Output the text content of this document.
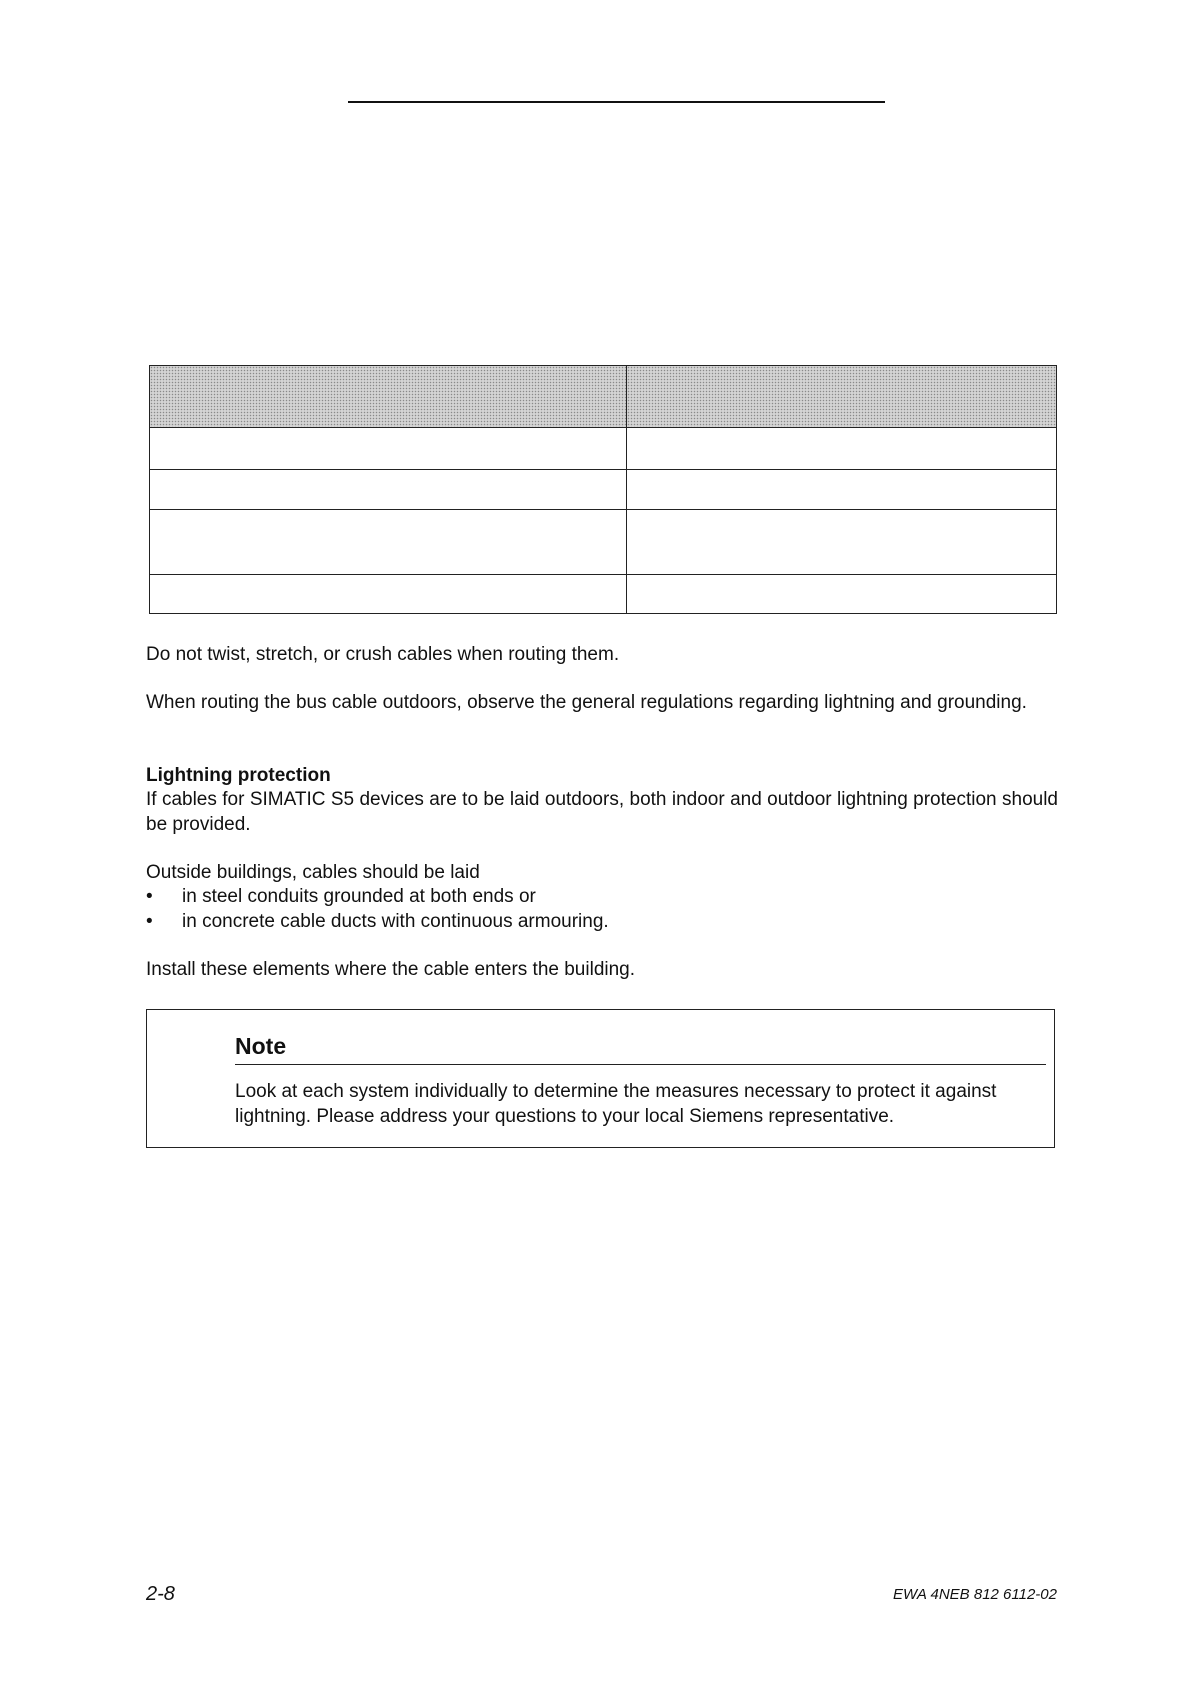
Do not twist, stretch, or crush cables when routing them.

When routing the bus cable outdoors, observe the general regulations regarding lightning and grounding.

Lightning protection

If cables for SIMATIC S5 devices are to be laid outdoors, both indoor and outdoor lightning protection should be provided.

Outside buildings, cables should be laid

• in steel conduits grounded at both ends or
• in concrete cable ducts with continuous armouring.

Install these elements where the cable enters the building.

Note
Look at each system individually to determine the measures necessary to protect it against lightning. Please address your questions to your local Siemens representative.
2-8	EWA 4NEB 812 6112-02
